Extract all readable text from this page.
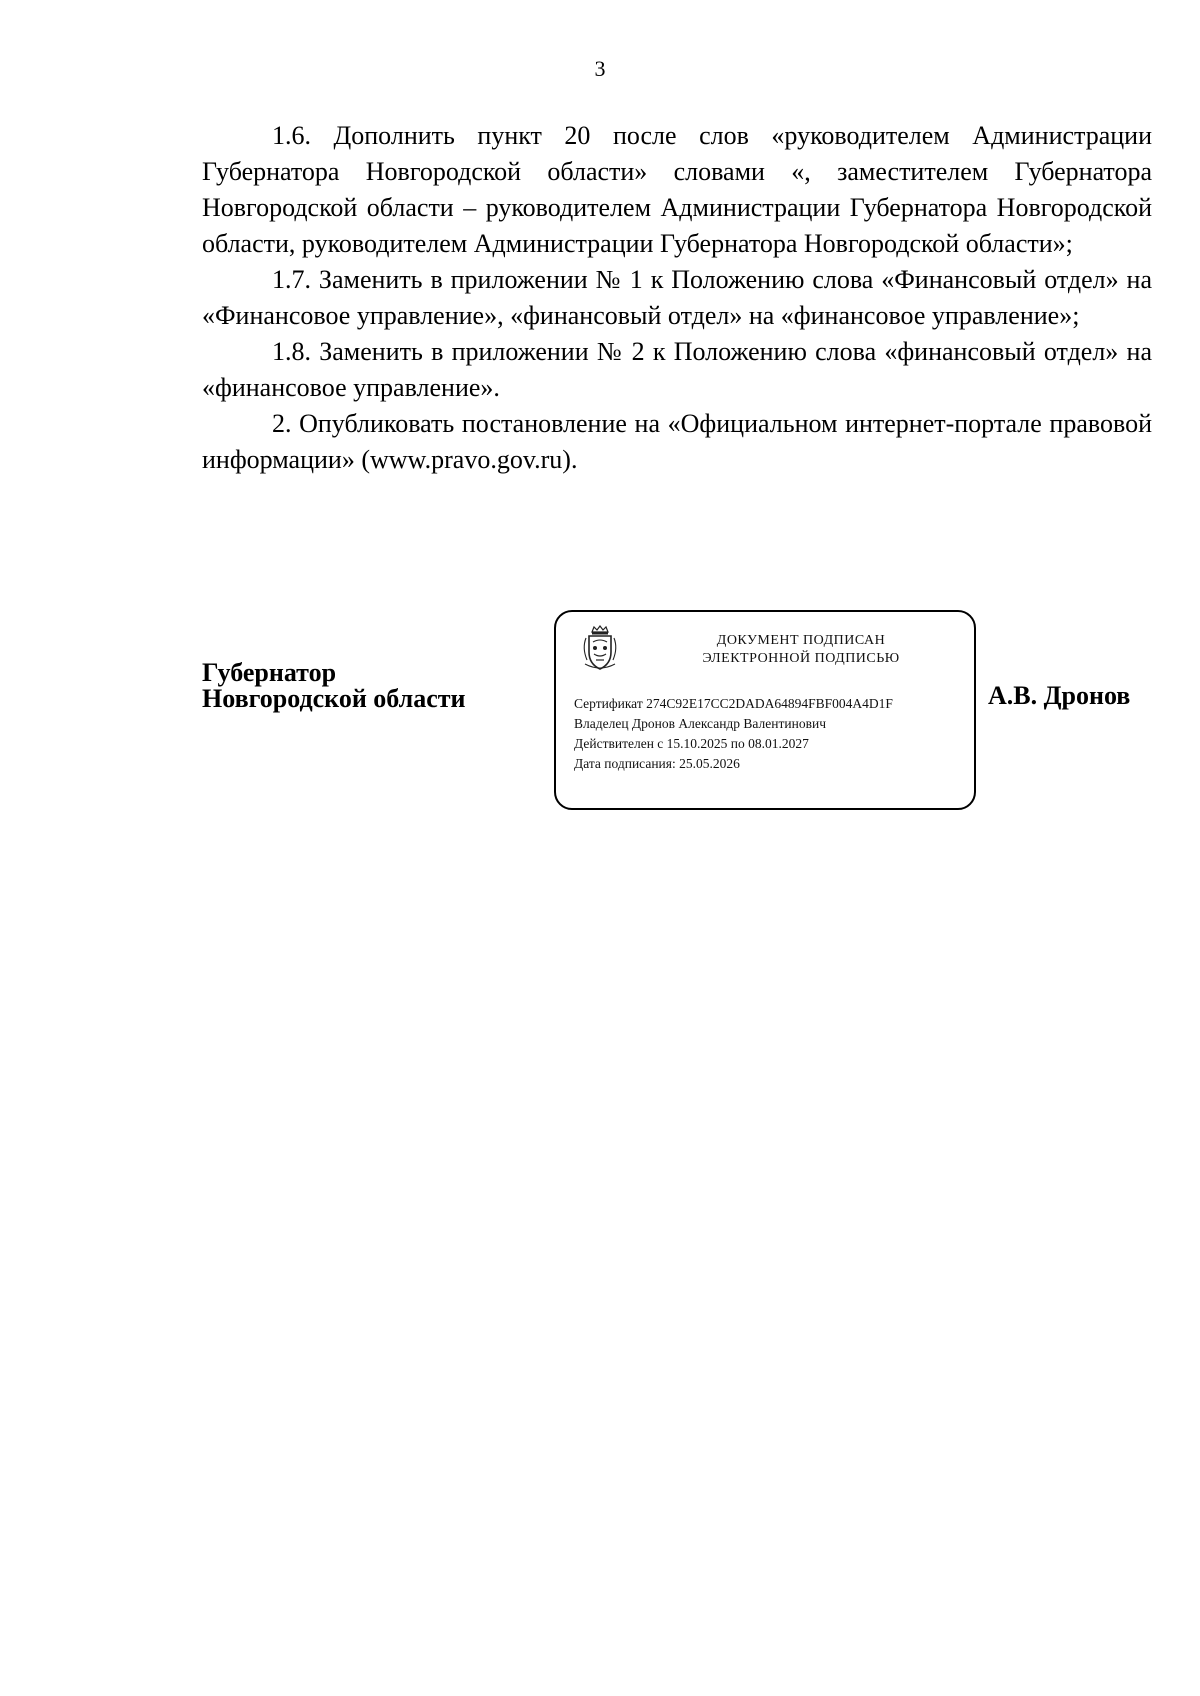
3

1.6. Дополнить пункт 20 после слов «руководителем Администрации Губернатора Новгородской области» словами «, заместителем Губернатора Новгородской области – руководителем Администрации Губернатора Новгородской области, руководителем Администрации Губернатора Новгородской области»;

1.7. Заменить в приложении № 1 к Положению слова «Финансовый отдел» на «Финансовое управление», «финансовый отдел» на «финансовое управление»;

1.8. Заменить в приложении № 2 к Положению слова «финансовый отдел» на «финансовое управление».

2. Опубликовать постановление на «Официальном интернет-портале правовой информации» (www.pravo.gov.ru).

Губернатор
Новгородской области
ДОКУМЕНТ ПОДПИСАН
ЭЛЕКТРОННОЙ ПОДПИСЬЮ
Сертификат 274C92E17CC2DADA64894FBF004A4D1F
Владелец Дронов Александр Валентинович
Действителен с 15.10.2025 по 08.01.2027
Дата подписания: 25.05.2026
А.В. Дронов
